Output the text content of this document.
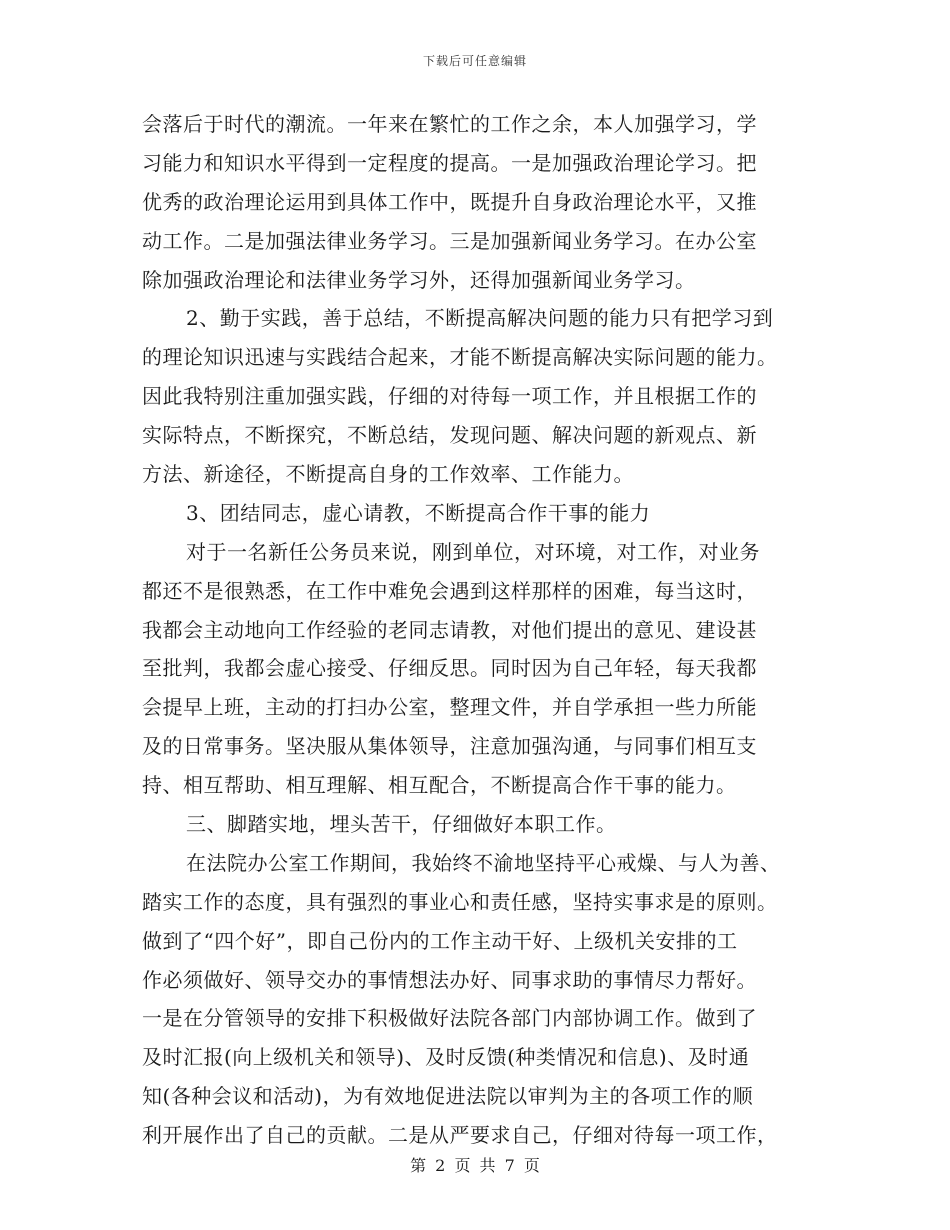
下载后可任意编辑
会落后于时代的潮流。一年来在繁忙的工作之余，本人加强学习，学
习能力和知识水平得到一定程度的提高。一是加强政治理论学习。把
优秀的政治理论运用到具体工作中，既提升自身政治理论水平，又推
动工作。二是加强法律业务学习。三是加强新闻业务学习。在办公室
除加强政治理论和法律业务学习外，还得加强新闻业务学习。
2、勤于实践，善于总结，不断提高解决问题的能力只有把学习到
的理论知识迅速与实践结合起来，才能不断提高解决实际问题的能力。
因此我特别注重加强实践，仔细的对待每一项工作，并且根据工作的
实际特点，不断探究，不断总结，发现问题、解决问题的新观点、新
方法、新途径，不断提高自身的工作效率、工作能力。
3、团结同志，虚心请教，不断提高合作干事的能力
对于一名新任公务员来说，刚到单位，对环境，对工作，对业务
都还不是很熟悉，在工作中难免会遇到这样那样的困难，每当这时，
我都会主动地向工作经验的老同志请教，对他们提出的意见、建设甚
至批判，我都会虚心接受、仔细反思。同时因为自己年轻，每天我都
会提早上班，主动的打扫办公室，整理文件，并自学承担一些力所能
及的日常事务。坚决服从集体领导，注意加强沟通，与同事们相互支
持、相互帮助、相互理解、相互配合，不断提高合作干事的能力。
三、脚踏实地，埋头苦干，仔细做好本职工作。
在法院办公室工作期间，我始终不渝地坚持平心戒燥、与人为善、
踏实工作的态度，具有强烈的事业心和责任感，坚持实事求是的原则。
做到了“四个好”，即自己份内的工作主动干好、上级机关安排的工
作必须做好、领导交办的事情想法办好、同事求助的事情尽力帮好。
一是在分管领导的安排下积极做好法院各部门内部协调工作。做到了
及时汇报(向上级机关和领导)、及时反馈(种类情况和信息)、及时通
知(各种会议和活动)，为有效地促进法院以审判为主的各项工作的顺
利开展作出了自己的贡献。二是从严要求自己，仔细对待每一项工作，
第 2 页 共 7 页
